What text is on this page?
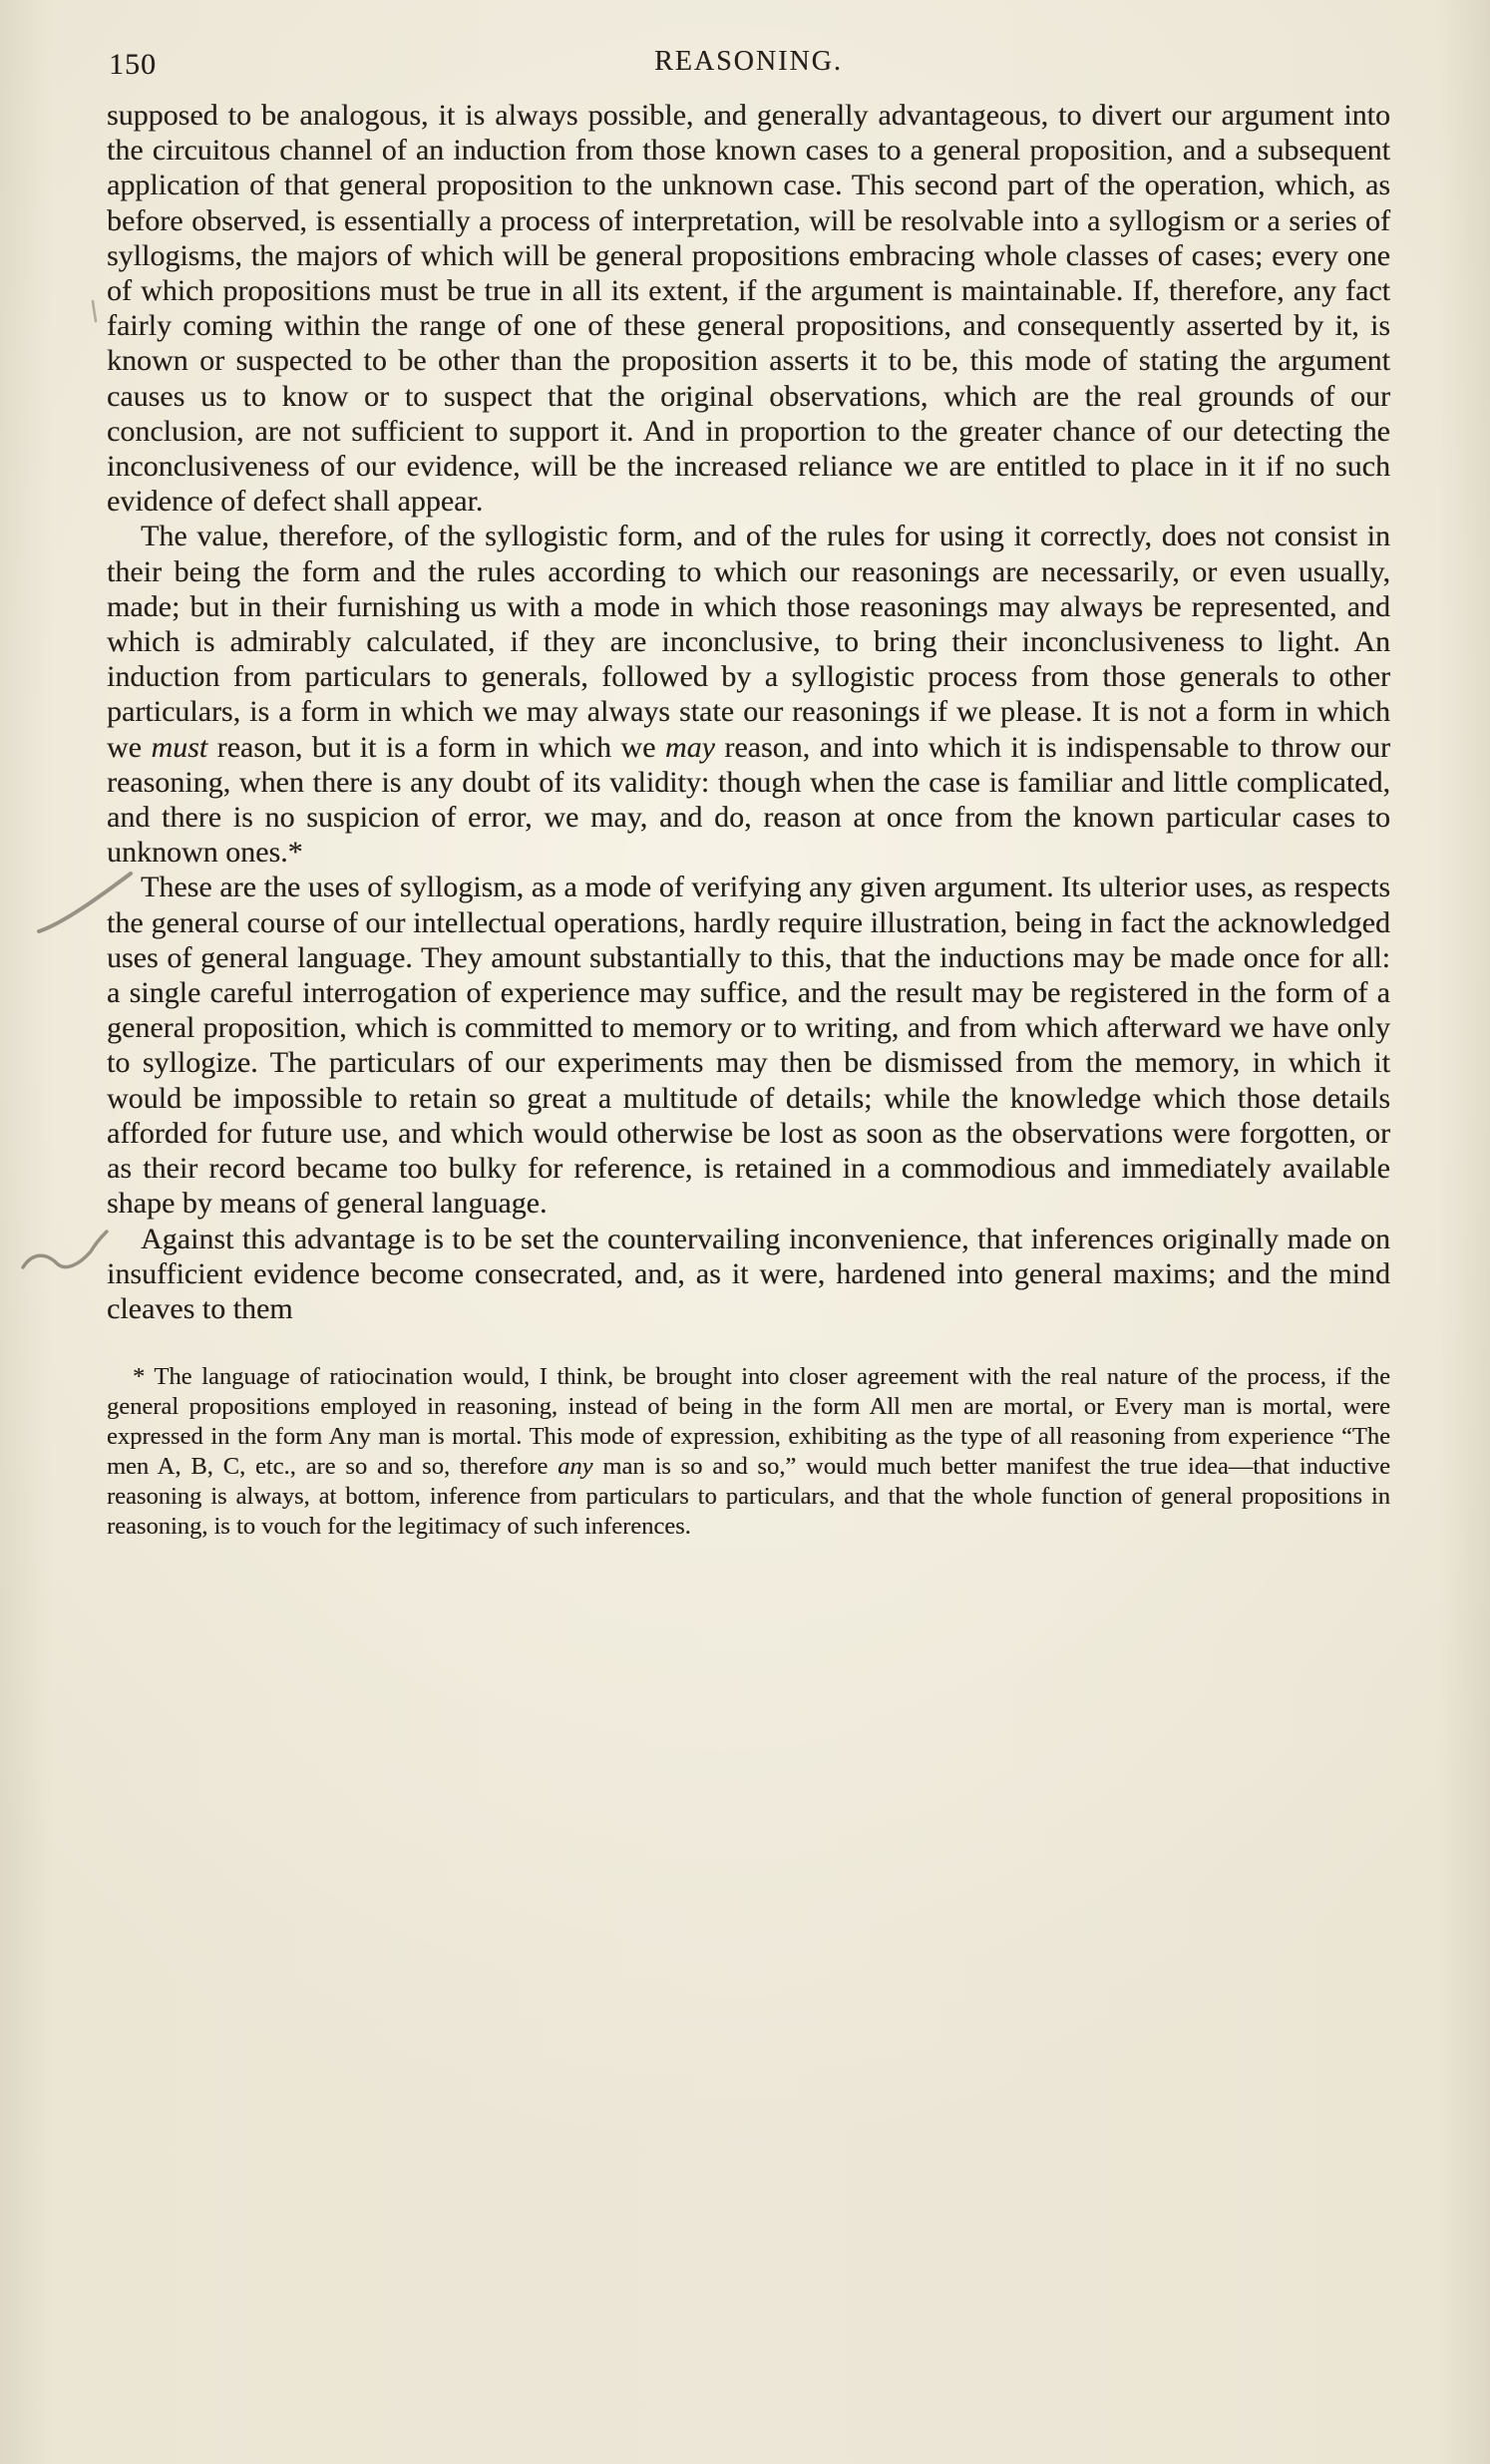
150	REASONING.

supposed to be analogous, it is always possible, and generally advantageous, to divert our argument into the circuitous channel of an induction from those known cases to a general proposition, and a subsequent application of that general proposition to the unknown case. This second part of the operation, which, as before observed, is essentially a process of interpretation, will be resolvable into a syllogism or a series of syllogisms, the majors of which will be general propositions embracing whole classes of cases; every one of which propositions must be true in all its extent, if the argument is maintainable. If, therefore, any fact fairly coming within the range of one of these general propositions, and consequently asserted by it, is known or suspected to be other than the proposition asserts it to be, this mode of stating the argument causes us to know or to suspect that the original observations, which are the real grounds of our conclusion, are not sufficient to support it. And in proportion to the greater chance of our detecting the inconclusiveness of our evidence, will be the increased reliance we are entitled to place in it if no such evidence of defect shall appear.

The value, therefore, of the syllogistic form, and of the rules for using it correctly, does not consist in their being the form and the rules according to which our reasonings are necessarily, or even usually, made; but in their furnishing us with a mode in which those reasonings may always be represented, and which is admirably calculated, if they are inconclusive, to bring their inconclusiveness to light. An induction from particulars to generals, followed by a syllogistic process from those generals to other particulars, is a form in which we may always state our reasonings if we please. It is not a form in which we must reason, but it is a form in which we may reason, and into which it is indispensable to throw our reasoning, when there is any doubt of its validity: though when the case is familiar and little complicated, and there is no suspicion of error, we may, and do, reason at once from the known particular cases to unknown ones.*

These are the uses of syllogism, as a mode of verifying any given argument. Its ulterior uses, as respects the general course of our intellectual operations, hardly require illustration, being in fact the acknowledged uses of general language. They amount substantially to this, that the inductions may be made once for all: a single careful interrogation of experience may suffice, and the result may be registered in the form of a general proposition, which is committed to memory or to writing, and from which afterward we have only to syllogize. The particulars of our experiments may then be dismissed from the memory, in which it would be impossible to retain so great a multitude of details; while the knowledge which those details afforded for future use, and which would otherwise be lost as soon as the observations were forgotten, or as their record became too bulky for reference, is retained in a commodious and immediately available shape by means of general language.

Against this advantage is to be set the countervailing inconvenience, that inferences originally made on insufficient evidence become consecrated, and, as it were, hardened into general maxims; and the mind cleaves to them

* The language of ratiocination would, I think, be brought into closer agreement with the real nature of the process, if the general propositions employed in reasoning, instead of being in the form All men are mortal, or Every man is mortal, were expressed in the form Any man is mortal. This mode of expression, exhibiting as the type of all reasoning from experience “The men A, B, C, etc., are so and so, therefore any man is so and so,” would much better manifest the true idea—that inductive reasoning is always, at bottom, inference from particulars to particulars, and that the whole function of general propositions in reasoning, is to vouch for the legitimacy of such inferences.
